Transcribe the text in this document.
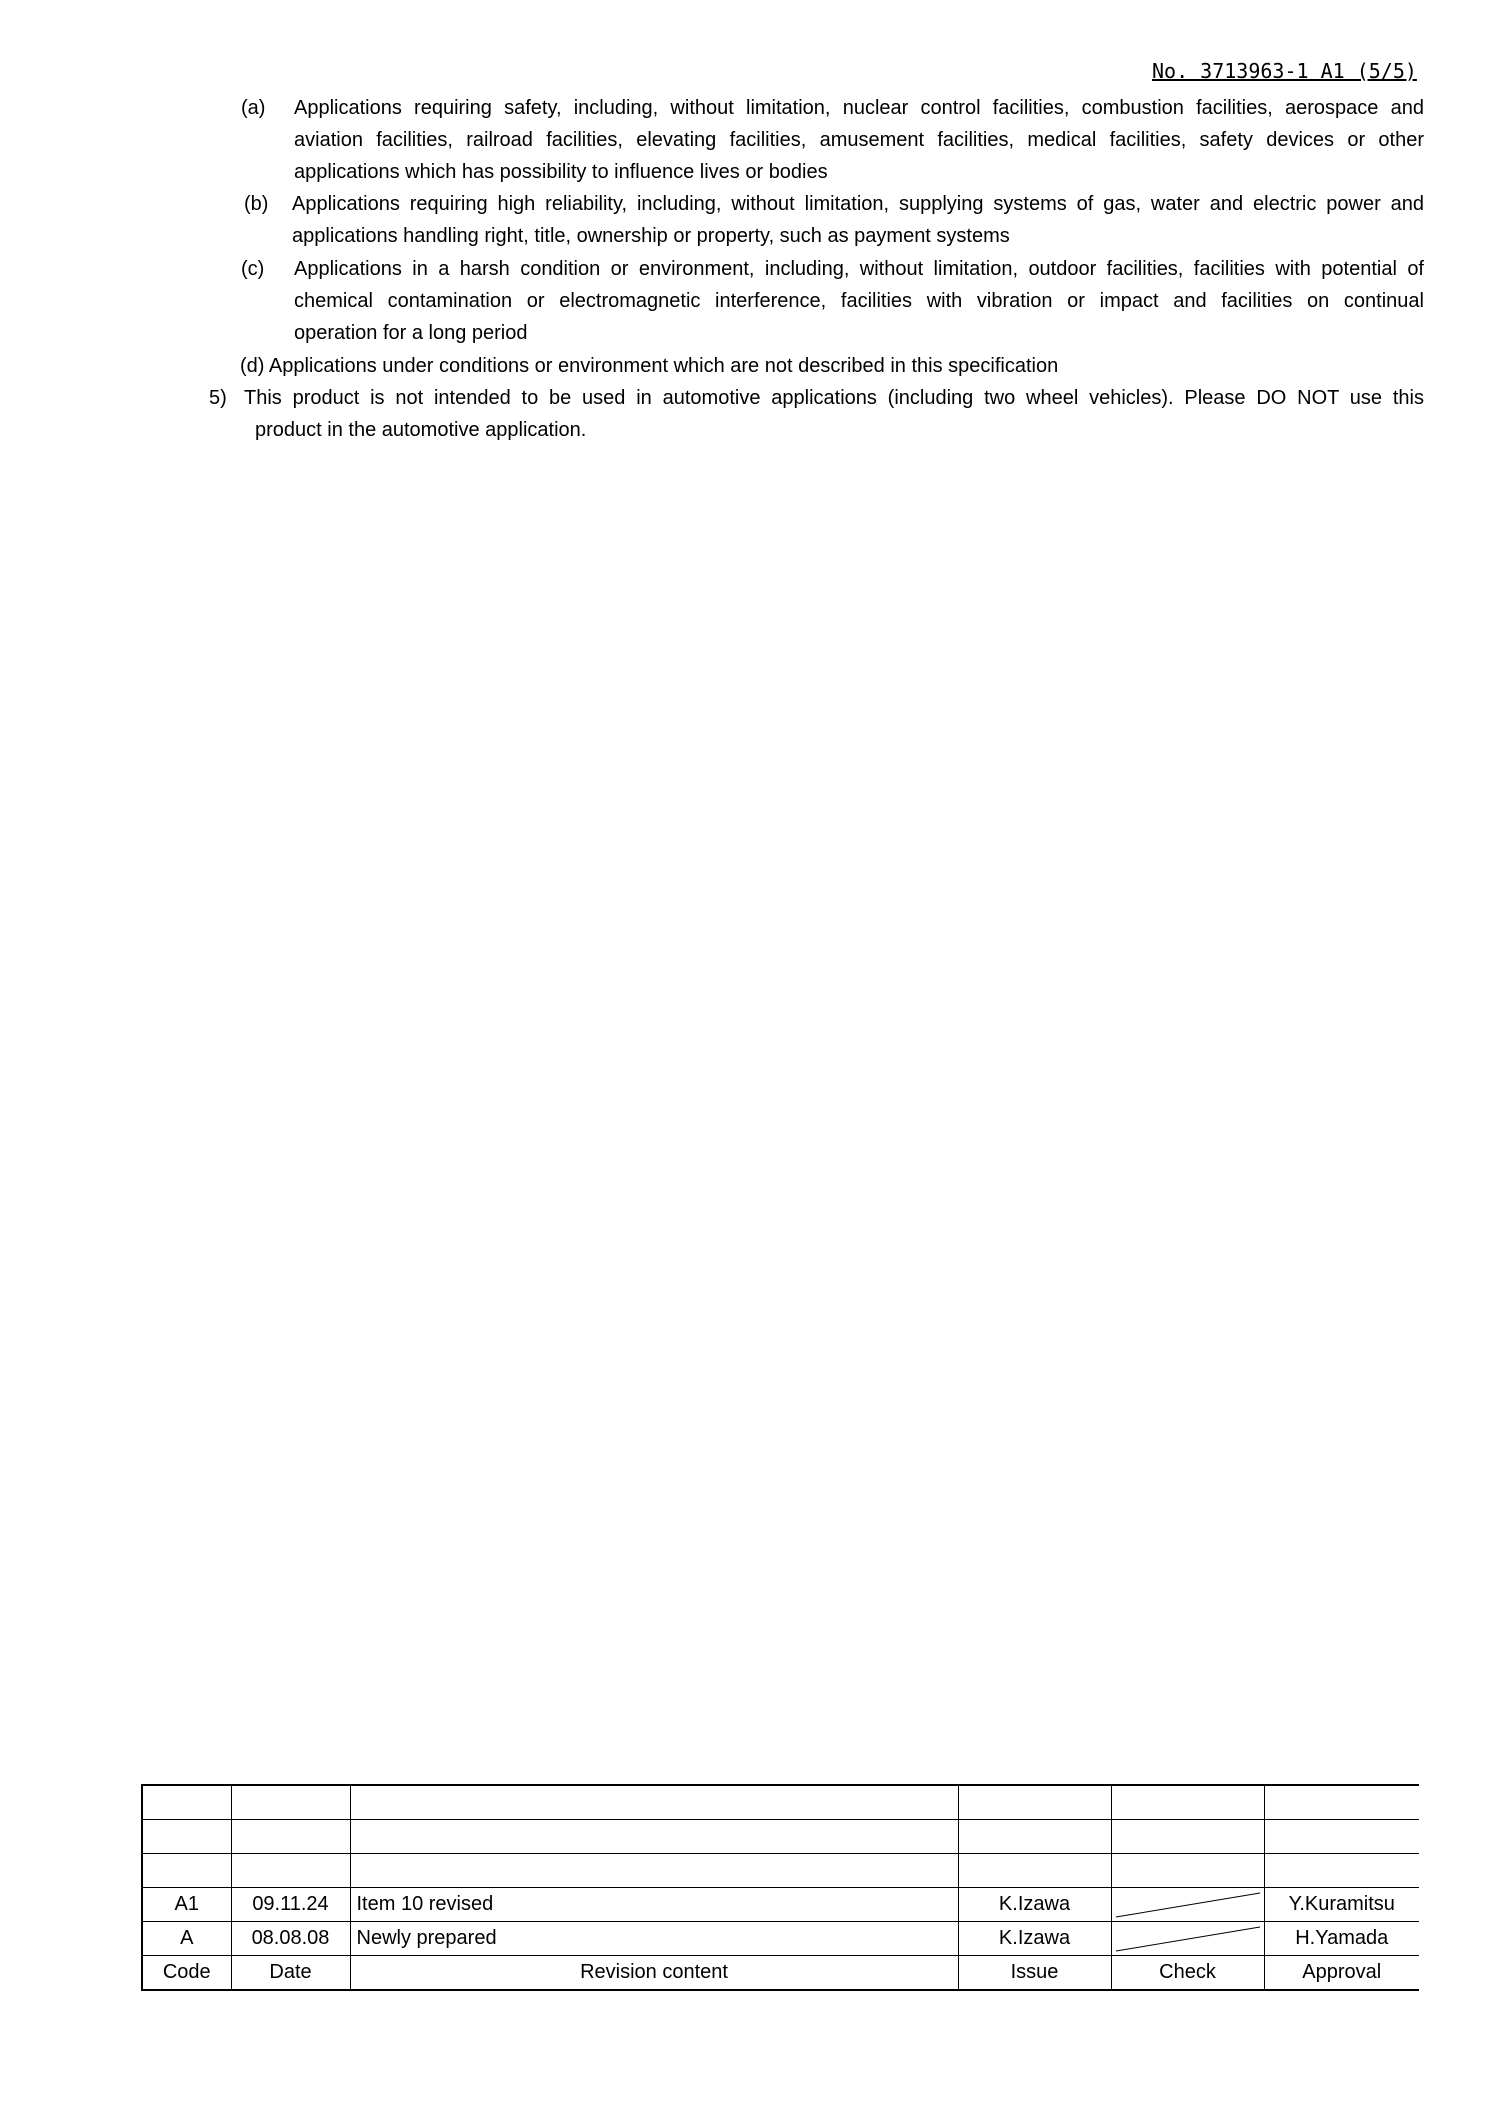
No. 3713963-1 A1 (5/5)
(a) Applications requiring safety, including, without limitation, nuclear control facilities, combustion facilities, aerospace and
aviation facilities, railroad facilities, elevating facilities, amusement facilities, medical facilities, safety devices or other
applications which has possibility to influence lives or bodies
(b) Applications requiring high reliability, including, without limitation, supplying systems of gas, water and electric power and
applications handling right, title, ownership or property, such as payment systems
(c) Applications in a harsh condition or environment, including, without limitation, outdoor facilities, facilities with potential of
chemical contamination or electromagnetic interference, facilities with vibration or impact and facilities on continual
operation for a long period
(d) Applications under conditions or environment which are not described in this specification
5) This product is not intended to be used in automotive applications (including two wheel vehicles). Please DO NOT use this
product in the automotive application.

A1	09.11.24	Item 10 revised	K.Izawa		Y.Kuramitsu
A	08.08.08	Newly prepared	K.Izawa		H.Yamada
Code	Date	Revision content	Issue	Check	Approval
